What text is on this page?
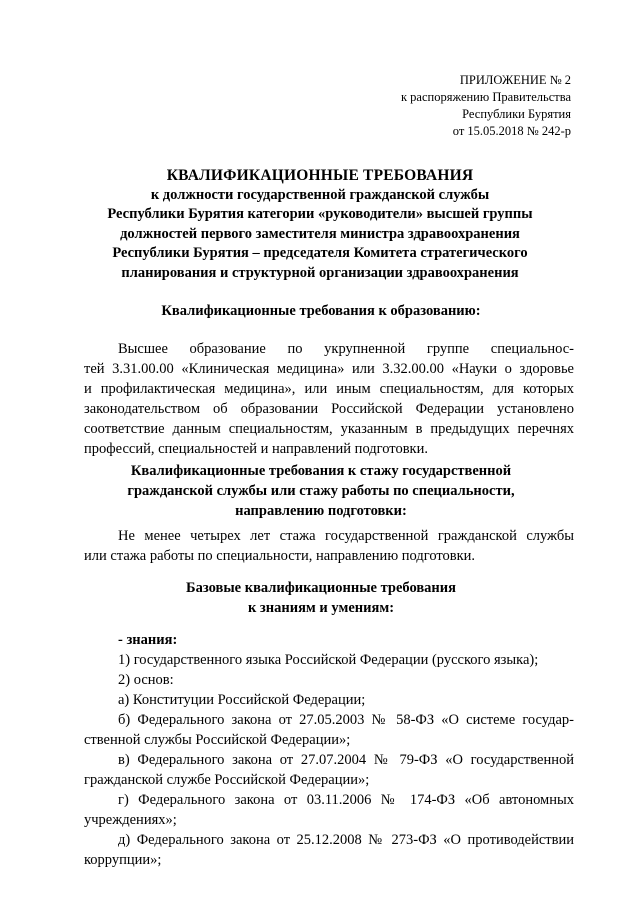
ПРИЛОЖЕНИЕ № 2
к распоряжению Правительства
Республики Бурятия
от 15.05.2018 № 242-р
КВАЛИФИКАЦИОННЫЕ ТРЕБОВАНИЯ
к должности государственной гражданской службы
Республики Бурятия категории «руководители» высшей группы
должностей первого заместителя министра здравоохранения
Республики Бурятия – председателя Комитета стратегического
планирования и структурной организации здравоохранения
Квалификационные требования к образованию:
Высшее образование по укрупненной группе специальнос-
тей 3.31.00.00 «Клиническая медицина» или 3.32.00.00 «Науки о здоровье
и профилактическая медицина», или иным специальностям, для которых
законодательством об образовании Российской Федерации установлено
соответствие данным специальностям, указанным в предыдущих перечнях
профессий, специальностей и направлений подготовки.
Квалификационные требования к стажу государственной
гражданской службы или стажу работы по специальности,
направлению подготовки:
Не менее четырех лет стажа государственной гражданской службы
или стажа работы по специальности, направлению подготовки.
Базовые квалификационные требования
к знаниям и умениям:
- знания:
1) государственного языка Российской Федерации (русского языка);
2) основ:
а) Конституции Российской Федерации;
б) Федерального закона от 27.05.2003 № 58-ФЗ «О системе государ-
ственной службы Российской Федерации»;
в) Федерального закона от 27.07.2004 № 79-ФЗ «О государственной
гражданской службе Российской Федерации»;
г) Федерального закона от 03.11.2006 № 174-ФЗ «Об автономных
учреждениях»;
д) Федерального закона от 25.12.2008 № 273-ФЗ «О противодействии
коррупции»;
